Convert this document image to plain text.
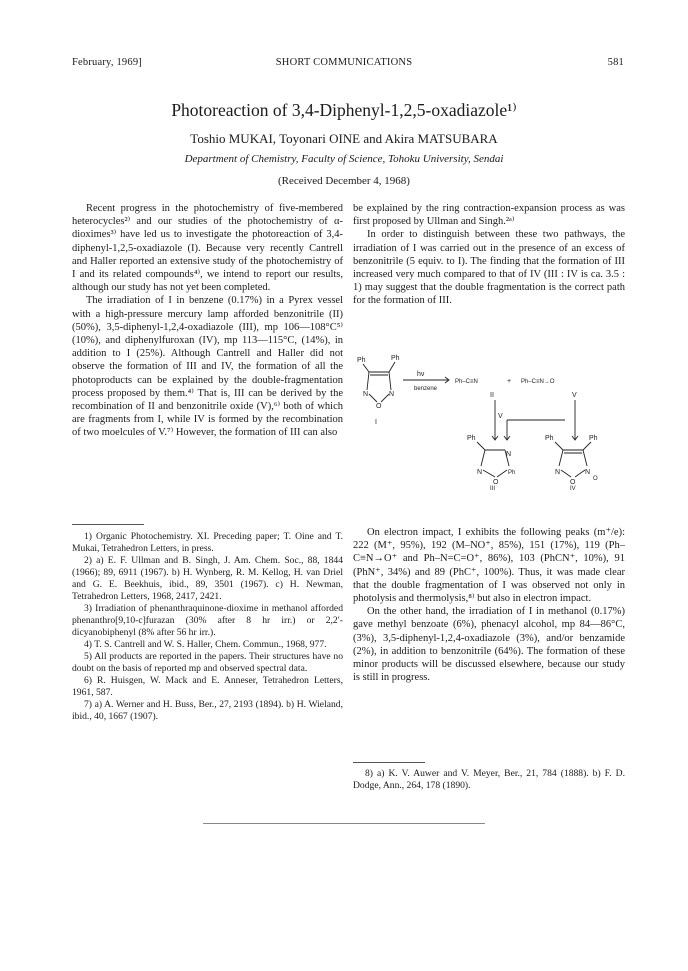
February, 1969]	SHORT COMMUNICATIONS	581
Photoreaction of 3,4-Diphenyl-1,2,5-oxadiazole¹⁾
Toshio MUKAI, Toyonari OINE and Akira MATSUBARA
Department of Chemistry, Faculty of Science, Tohoku University, Sendai
(Received December 4, 1968)

Recent progress in the photochemistry of five-membered heterocycles²⁾ and our studies of the photochemistry of α-dioximes³⁾ have led us to investigate the photoreaction of 3,4-diphenyl-1,2,5-oxadiazole (I). Because very recently Cantrell and Haller reported an extensive study of the photochemistry of I and its related compounds⁴⁾, we intend to report our results, although our study has not yet been completed.

The irradiation of I in benzene (0.17%) in a Pyrex vessel with a high-pressure mercury lamp afforded benzonitrile (II)(50%), 3,5-diphenyl-1,2,4-oxadiazole (III), mp 106—108°C⁵⁾ (10%), and diphenylfuroxan (IV), mp 113—115°C, (14%), in addition to I (25%). Although Cantrell and Haller did not observe the formation of III and IV, the formation of all the photoproducts can be explained by the double-fragmentation process proposed by them.⁴⁾ That is, III can be derived by the recombination of II and benzonitrile oxide (V),⁶⁾ both of which are fragments from I, while IV is formed by the recombination of two moelcules of V.⁷⁾ However, the formation of III can also

be explained by the ring contraction-expansion process as was first proposed by Ullman and Singh.²ᵃ⁾

In order to distinguish between these two pathways, the irradiation of I was carried out in the presence of an excess of benzonitrile (5 equiv. to I). The finding that the formation of III increased very much compared to that of IV (III : IV is ca. 3.5 : 1) may suggest that the double fragmentation is the correct path for the formation of III.

Ph	Ph
N	N
O
I
hν
benzene
Ph–C≡N	+ Ph–C≡N→O
II	V
V
Ph
N
N	Ph
O
III
Ph	Ph
N	N
O	O
IV

On electron impact, I exhibits the following peaks (m⁺/e): 222 (M⁺, 95%), 192 (M–NO⁺, 85%), 151 (17%), 119 (Ph–C≡N→O⁺ and Ph–N=C=O⁺, 86%), 103 (PhCN⁺, 10%), 91 (PhN⁺, 34%) and 89 (PhC⁺, 100%). Thus, it was made clear that the double fragmentation of I was observed not only in photolysis and thermolysis,⁸⁾ but also in electron impact.

On the other hand, the irradiation of I in methanol (0.17%) gave methyl benzoate (6%), phenacyl alcohol, mp 84—86°C, (3%), 3,5-diphenyl-1,2,4-oxadiazole (3%), and/or benzamide (2%), in addition to benzonitrile (64%). The formation of these minor products will be discussed elsewhere, because our study is still in progress.

1) Organic Photochemistry. XI. Preceding paper; T. Oine and T. Mukai, Tetrahedron Letters, in press.

2) a) E. F. Ullman and B. Singh, J. Am. Chem. Soc., 88, 1844 (1966); 89, 6911 (1967). b) H. Wynberg, R. M. Kellog, H. van Driel and G. E. Beekhuis, ibid., 89, 3501 (1967). c) H. Newman, Tetrahedron Letters, 1968, 2417, 2421.

3) Irradiation of phenanthraquinone-dioxime in methanol afforded phenanthro[9,10-c]furazan (30% after 8 hr irr.) or 2,2′-dicyanobiphenyl (8% after 56 hr irr.).

4) T. S. Cantrell and W. S. Haller, Chem. Commun., 1968, 977.

5) All products are reported in the papers. Their structures have no doubt on the basis of reported mp and observed spectral data.

6) R. Huisgen, W. Mack and E. Anneser, Tetrahedron Letters, 1961, 587.

7) a) A. Werner and H. Buss, Ber., 27, 2193 (1894). b) H. Wieland, ibid., 40, 1667 (1907).

8) a) K. V. Auwer and V. Meyer, Ber., 21, 784 (1888). b) F. D. Dodge, Ann., 264, 178 (1890).
